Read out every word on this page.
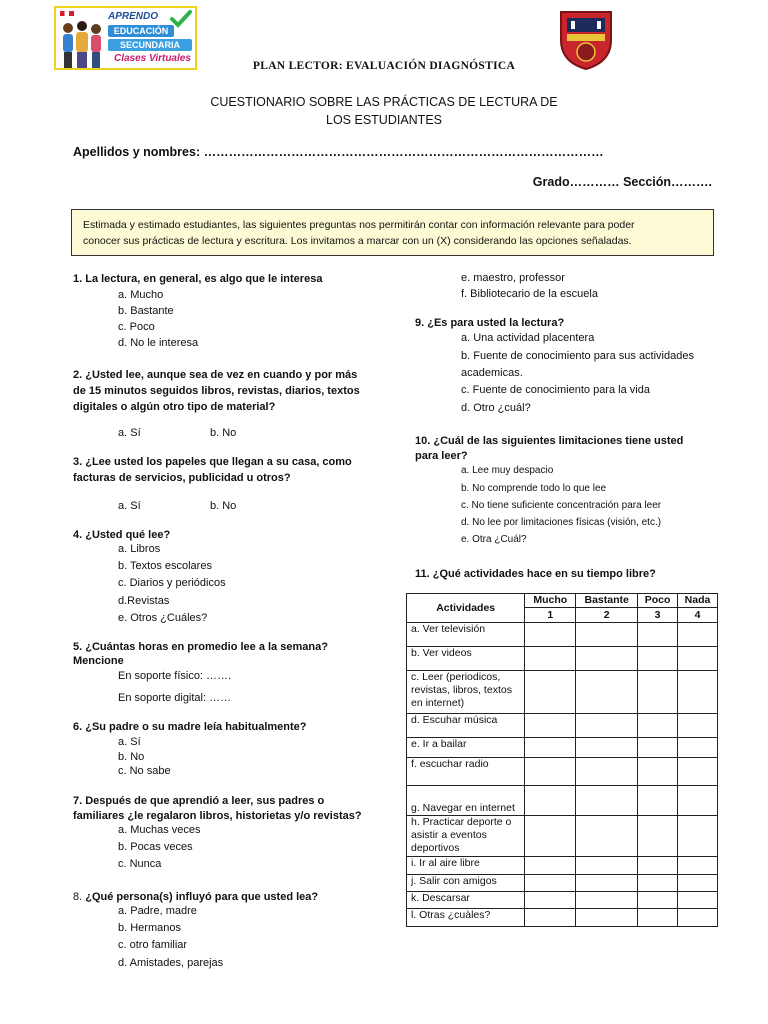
APRENDO
EDUCACIÓN
SECUNDARIA
Clases Virtuales
PLAN LECTOR: EVALUACIÓN DIAGNÓSTICA
CUESTIONARIO SOBRE LAS PRÁCTICAS DE LECTURA DE
LOS ESTUDIANTES
Apellidos y nombres: ……………………………………………………………………………………
Grado………… Sección……….
Estimada y estimado estudiantes, las siguientes preguntas nos permitirán contar con información relevante para poder
conocer sus prácticas de lectura y escritura. Los invitamos a marcar con un (X) considerando las opciones señaladas.
1. La lectura, en general, es algo que le interesa
a. Mucho
b. Bastante
c. Poco
d. No le interesa
2. ¿Usted lee, aunque sea de vez en cuando y por más
de 15 minutos seguidos libros, revistas, diarios, textos
digitales o algún otro tipo de material?
a. Sí	b. No
3. ¿Lee usted los papeles que llegan a su casa, como
facturas de servicios, publicidad u otros?
a. Sí	b. No
4. ¿Usted qué lee?
a. Libros
b. Textos escolares
c. Diarios y periódicos
d.Revistas
e. Otros ¿Cuáles?
5. ¿Cuántas horas en promedio lee a la semana?
Mencione
En soporte físico: …….
En soporte digital: ……
6. ¿Su padre o su madre leía habitualmente?
a. Sí
b. No
c. No sabe
7. Después de que aprendió a leer, sus padres o
familiares ¿le regalaron libros, historietas y/o revistas?
a. Muchas veces
b. Pocas veces
c. Nunca
8. ¿Qué persona(s) influyó para que usted lea?
a. Padre, madre
b. Hermanos
c. otro familiar
d. Amistades, parejas
e. maestro, professor
f. Bibliotecario de la escuela
9. ¿Es para usted la lectura?
a. Una actividad placentera
b. Fuente de conocimiento para sus actividades
academicas.
c. Fuente de conocimiento para la vida
d. Otro ¿cuál?
10. ¿Cuál de las siguientes limitaciones tiene usted
para leer?
a. Lee muy despacio
b. No comprende todo lo que lee
c. No tiene suficiente concentración para leer
d. No lee por limitaciones físicas (visión, etc.)
e. Otra ¿Cuál?
11. ¿Qué actividades hace en su tiempo libre?
Actividades	Mucho	Bastante	Poco	Nada
	1	2	3	4
a. Ver televisión				
b. Ver videos				
c. Leer (periodicos, revistas, libros, textos en internet)				
d. Escuhar música				
e. Ir a bailar				
f. escuchar radio				
g. Navegar en internet				
h. Practicar deporte o asistir a eventos deportivos				
i. Ir al aire libre				
j. Salir con amigos				
k. Descarsar				
l. Otras ¿cuàles?				
